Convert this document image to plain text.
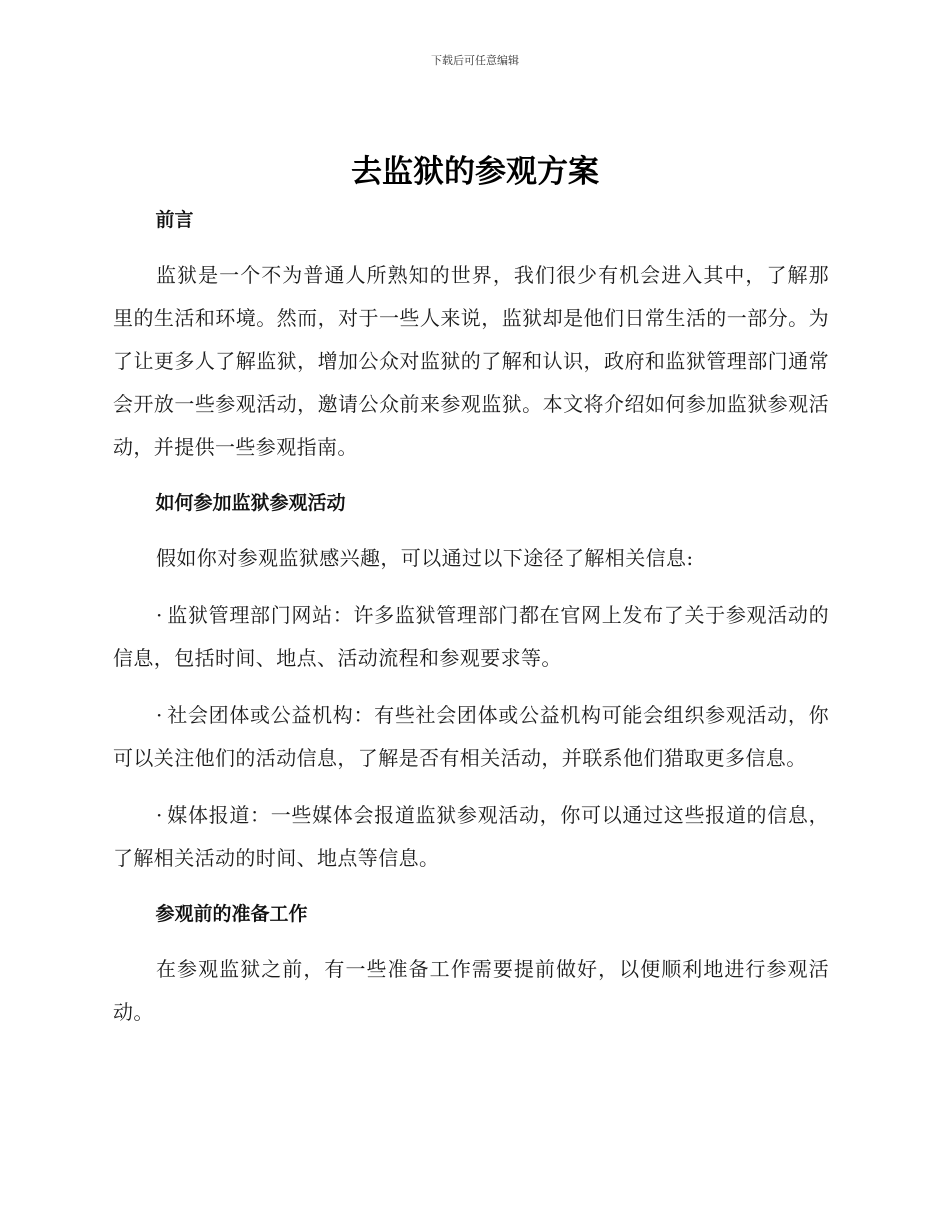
下载后可任意编辑
去监狱的参观方案
前言

监狱是一个不为普通人所熟知的世界，我们很少有机会进入其中，了解那里的生活和环境。然而，对于一些人来说，监狱却是他们日常生活的一部分。为了让更多人了解监狱，增加公众对监狱的了解和认识，政府和监狱管理部门通常会开放一些参观活动，邀请公众前来参观监狱。本文将介绍如何参加监狱参观活动，并提供一些参观指南。

如何参加监狱参观活动

假如你对参观监狱感兴趣，可以通过以下途径了解相关信息:

· 监狱管理部门网站：许多监狱管理部门都在官网上发布了关于参观活动的信息，包括时间、地点、活动流程和参观要求等。

· 社会团体或公益机构：有些社会团体或公益机构可能会组织参观活动，你可以关注他们的活动信息，了解是否有相关活动，并联系他们猎取更多信息。

· 媒体报道：一些媒体会报道监狱参观活动，你可以通过这些报道的信息，了解相关活动的时间、地点等信息。

参观前的准备工作

在参观监狱之前，有一些准备工作需要提前做好，以便顺利地进行参观活动。
